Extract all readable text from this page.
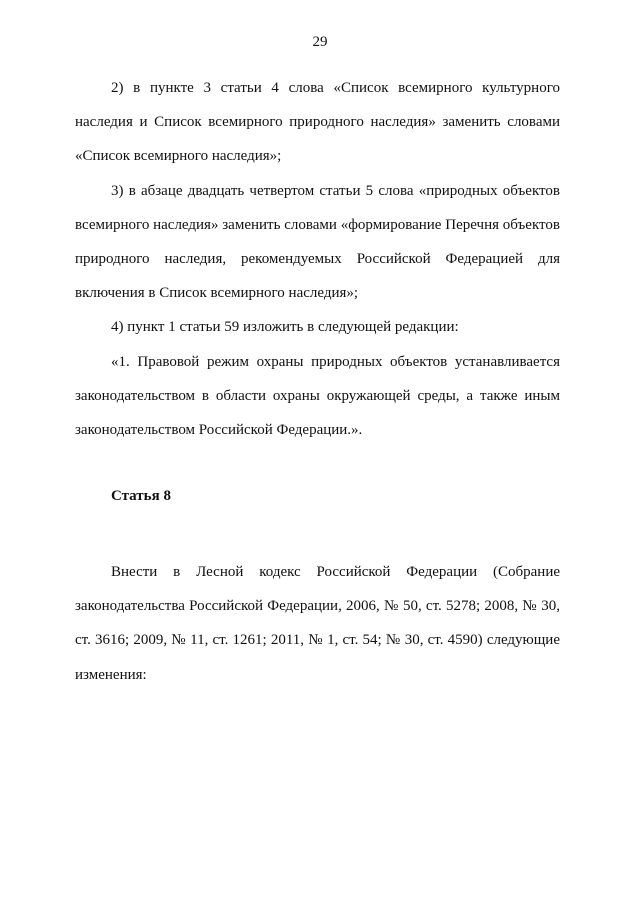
29

2) в пункте 3 статьи 4 слова «Список всемирного культурного наследия и Список всемирного природного наследия» заменить словами «Список всемирного наследия»;

3) в абзаце двадцать четвертом статьи 5 слова «природных объектов всемирного наследия» заменить словами «формирование Перечня объектов природного наследия, рекомендуемых Российской Федерацией для включения в Список всемирного наследия»;

4) пункт 1 статьи 59 изложить в следующей редакции:

«1. Правовой режим охраны природных объектов устанавливается законодательством в области охраны окружающей среды, а также иным законодательством Российской Федерации.».

Статья 8

Внести в Лесной кодекс Российской Федерации (Собрание законодательства Российской Федерации, 2006, № 50, ст. 5278; 2008, № 30, ст. 3616; 2009, № 11, ст. 1261; 2011, № 1, ст. 54; № 30, ст. 4590) следующие изменения:
